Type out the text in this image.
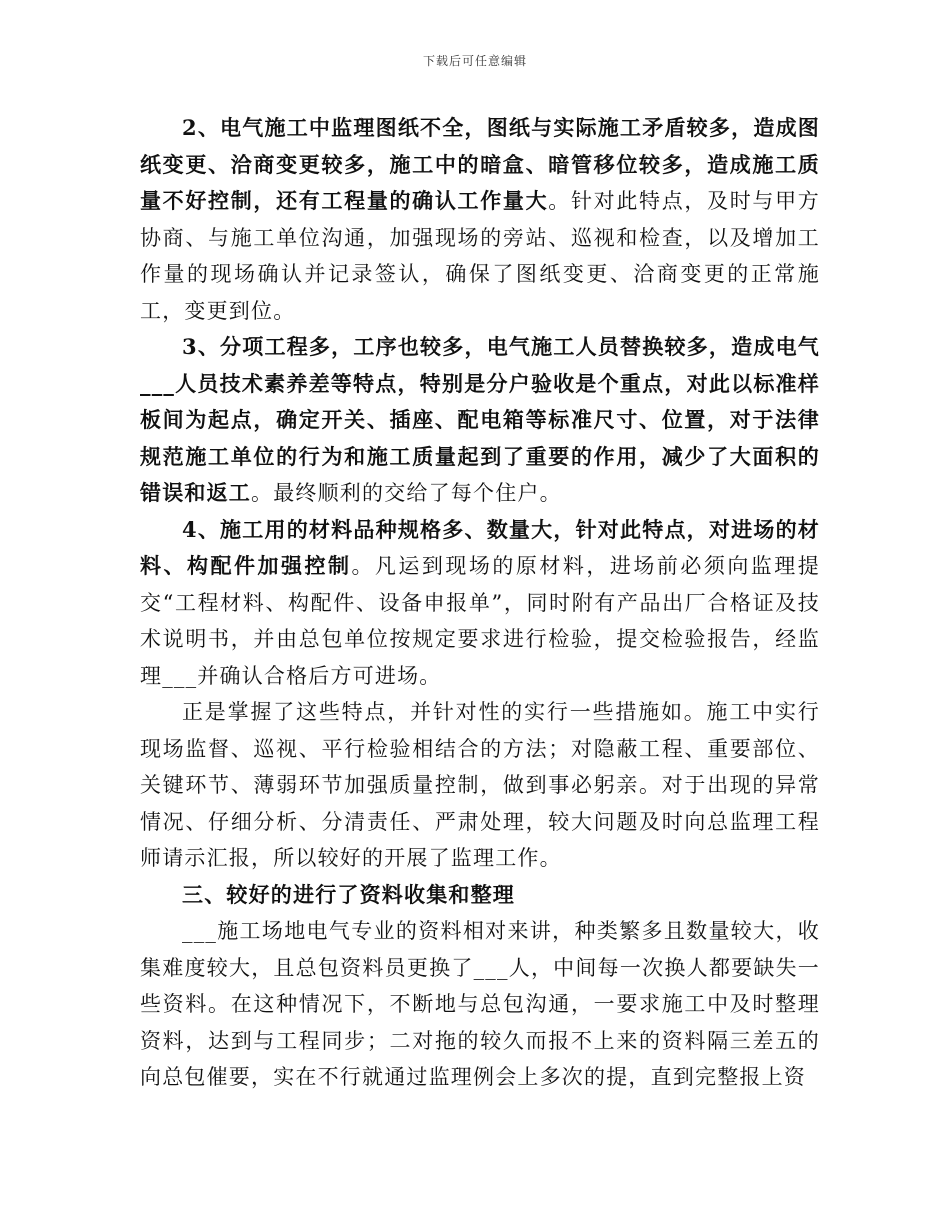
下载后可任意编辑

2、电气施工中监理图纸不全，图纸与实际施工矛盾较多，造成图纸变更、洽商变更较多，施工中的暗盒、暗管移位较多，造成施工质量不好控制，还有工程量的确认工作量大。针对此特点，及时与甲方协商、与施工单位沟通，加强现场的旁站、巡视和检查，以及增加工作量的现场确认并记录签认，确保了图纸变更、洽商变更的正常施工，变更到位。

3、分项工程多，工序也较多，电气施工人员替换较多，造成电气___人员技术素养差等特点，特别是分户验收是个重点，对此以标准样板间为起点，确定开关、插座、配电箱等标准尺寸、位置，对于法律规范施工单位的行为和施工质量起到了重要的作用，减少了大面积的错误和返工。最终顺利的交给了每个住户。

4、施工用的材料品种规格多、数量大，针对此特点，对进场的材料、构配件加强控制。凡运到现场的原材料，进场前必须向监理提交“工程材料、构配件、设备申报单”，同时附有产品出厂合格证及技术说明书，并由总包单位按规定要求进行检验，提交检验报告，经监理___并确认合格后方可进场。

正是掌握了这些特点，并针对性的实行一些措施如。施工中实行现场监督、巡视、平行检验相结合的方法；对隐蔽工程、重要部位、关键环节、薄弱环节加强质量控制，做到事必躬亲。对于出现的异常情况、仔细分析、分清责任、严肃处理，较大问题及时向总监理工程师请示汇报，所以较好的开展了监理工作。

三、较好的进行了资料收集和整理

___施工场地电气专业的资料相对来讲，种类繁多且数量较大，收集难度较大，且总包资料员更换了___人，中间每一次换人都要缺失一些资料。在这种情况下，不断地与总包沟通，一要求施工中及时整理资料，达到与工程同步；二对拖的较久而报不上来的资料隔三差五的向总包催要，实在不行就通过监理例会上多次的提，直到完整报上资
